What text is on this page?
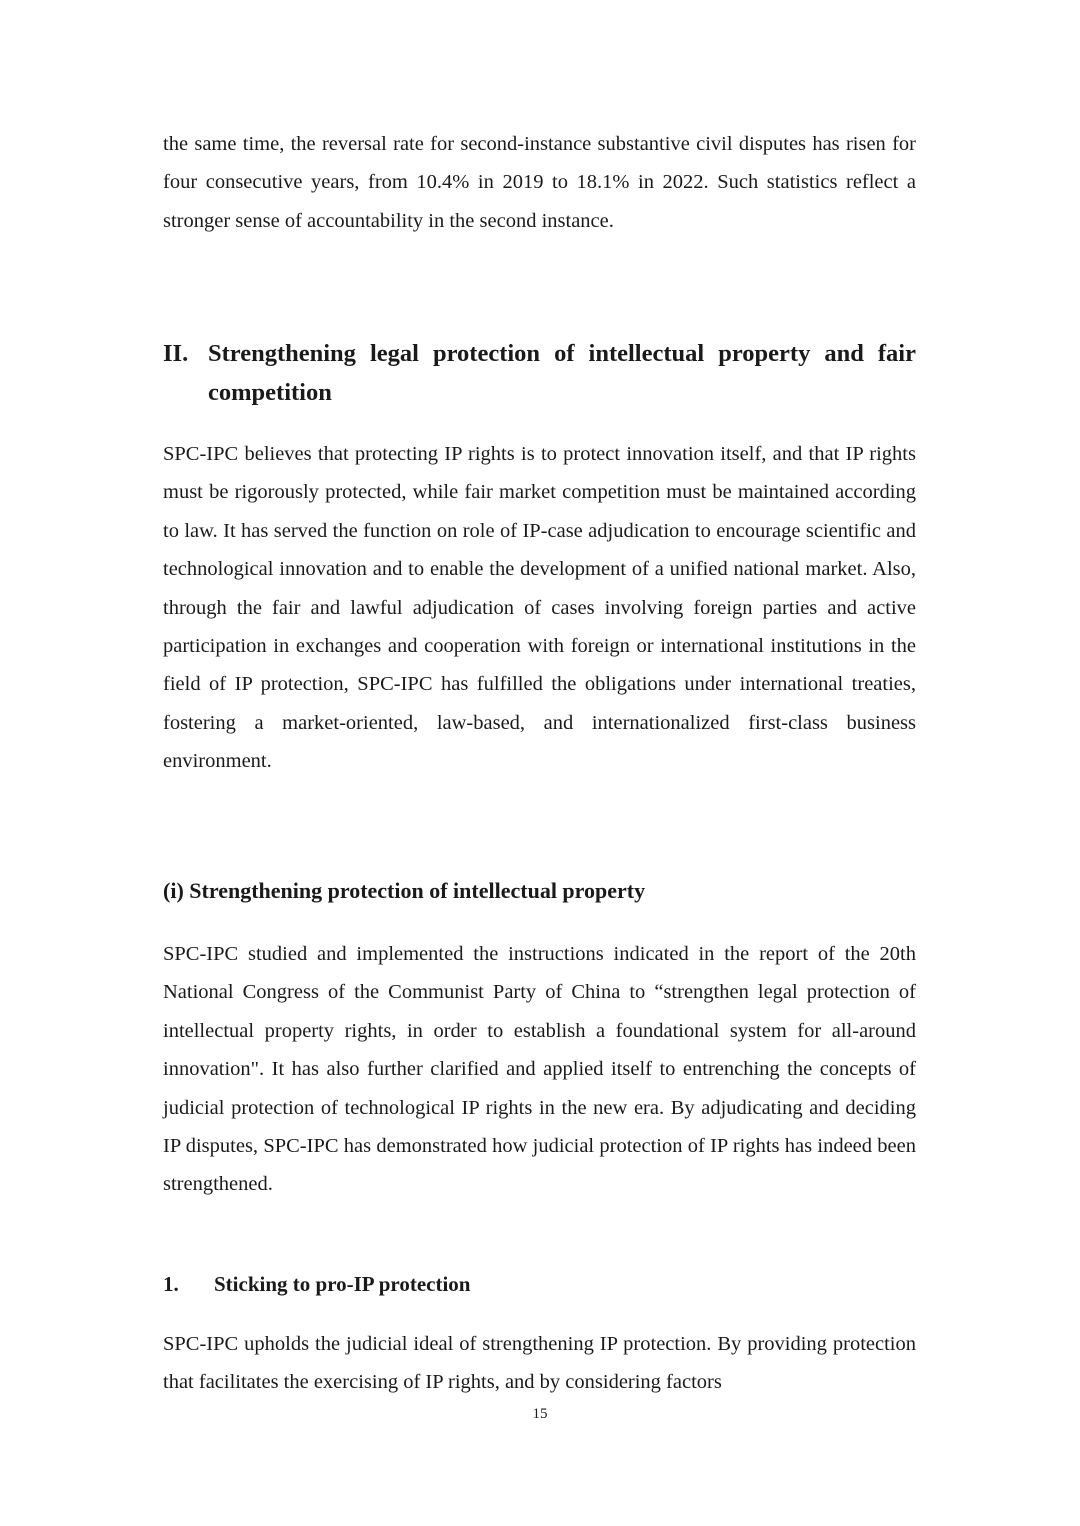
the same time, the reversal rate for second-instance substantive civil disputes has risen for four consecutive years, from 10.4% in 2019 to 18.1% in 2022. Such statistics reflect a stronger sense of accountability in the second instance.

II. Strengthening legal protection of intellectual property and fair competition

SPC-IPC believes that protecting IP rights is to protect innovation itself, and that IP rights must be rigorously protected, while fair market competition must be maintained according to law. It has served the function on role of IP-case adjudication to encourage scientific and technological innovation and to enable the development of a unified national market. Also, through the fair and lawful adjudication of cases involving foreign parties and active participation in exchanges and cooperation with foreign or international institutions in the field of IP protection, SPC-IPC has fulfilled the obligations under international treaties, fostering a market-oriented, law-based, and internationalized first-class business environment.

(i) Strengthening protection of intellectual property

SPC-IPC studied and implemented the instructions indicated in the report of the 20th National Congress of the Communist Party of China to “strengthen legal protection of intellectual property rights, in order to establish a foundational system for all-around innovation". It has also further clarified and applied itself to entrenching the concepts of judicial protection of technological IP rights in the new era. By adjudicating and deciding IP disputes, SPC-IPC has demonstrated how judicial protection of IP rights has indeed been strengthened.

1. Sticking to pro-IP protection

SPC-IPC upholds the judicial ideal of strengthening IP protection. By providing protection that facilitates the exercising of IP rights, and by considering factors

15
